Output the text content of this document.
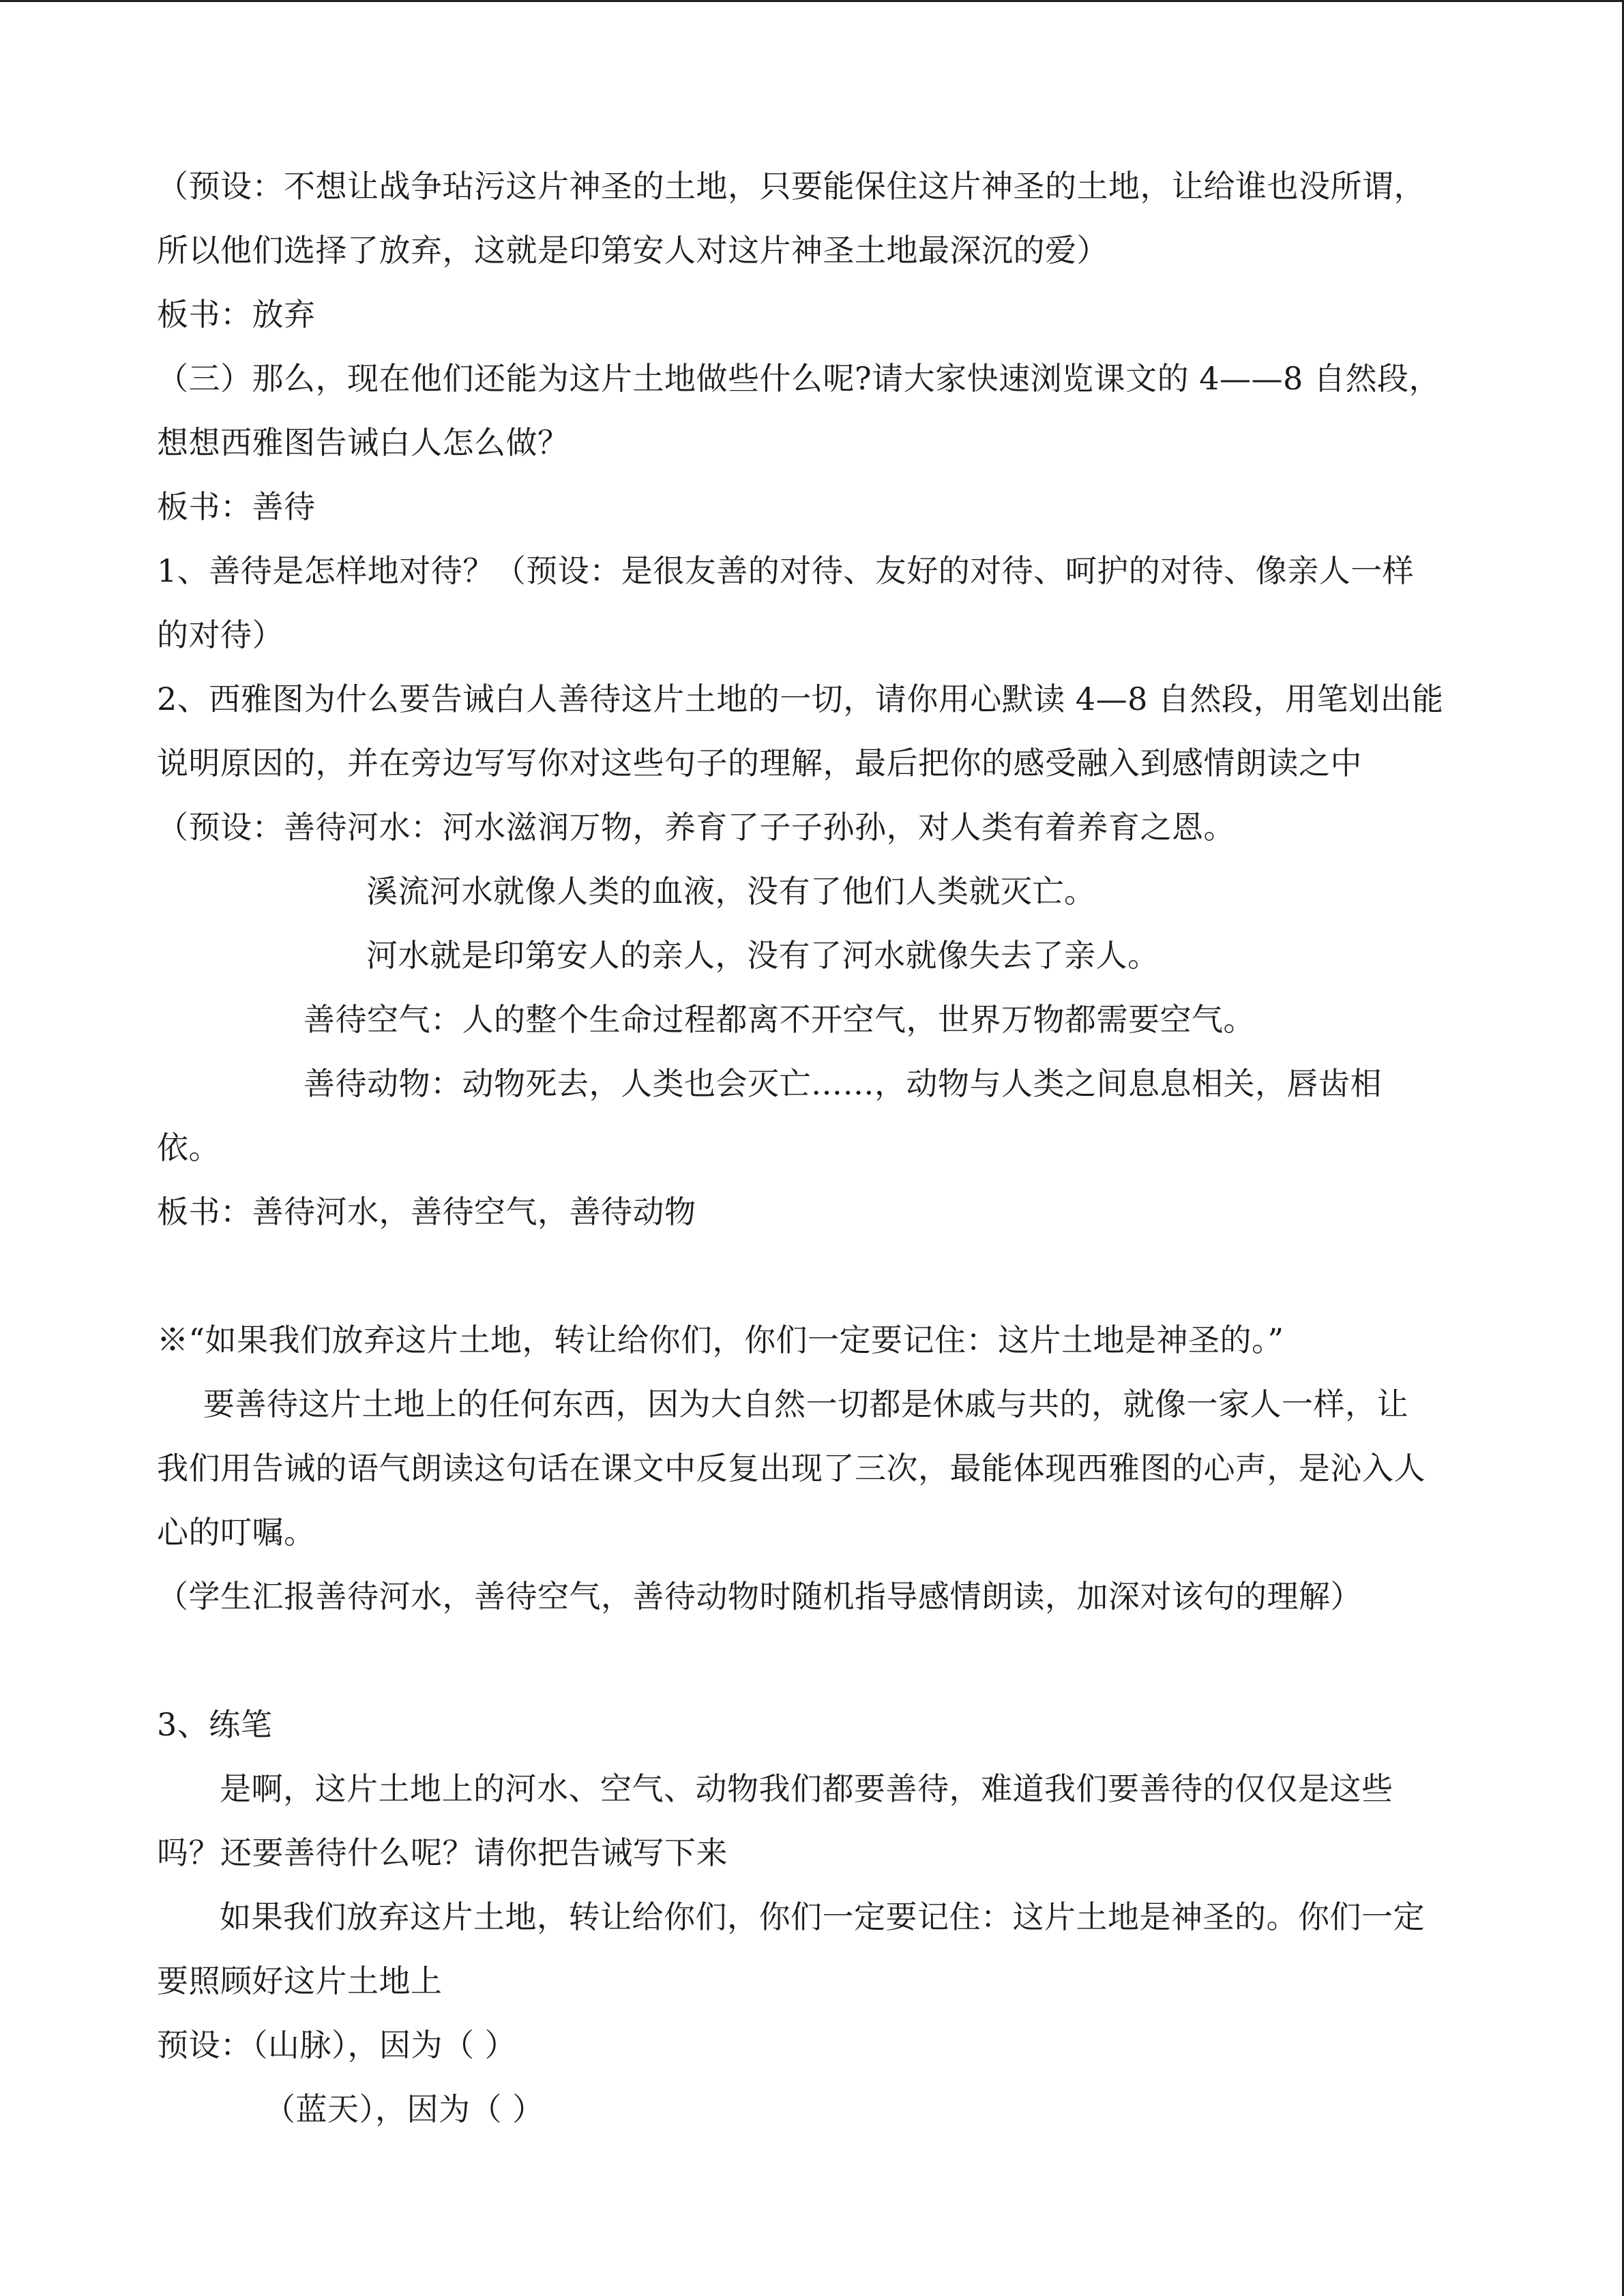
（预设：不想让战争玷污这片神圣的土地，只要能保住这片神圣的土地，让给谁也没所谓，
所以他们选择了放弃，这就是印第安人对这片神圣土地最深沉的爱）
板书：放弃
（三）那么，现在他们还能为这片土地做些什么呢?请大家快速浏览课文的 4——8 自然段，
想想西雅图告诫白人怎么做？
板书：善待
1、善待是怎样地对待？（预设：是很友善的对待、友好的对待、呵护的对待、像亲人一样
的对待）
2、西雅图为什么要告诫白人善待这片土地的一切，请你用心默读 4—8 自然段，用笔划出能
说明原因的，并在旁边写写你对这些句子的理解，最后把你的感受融入到感情朗读之中
（预设：善待河水：河水滋润万物，养育了子子孙孙，对人类有着养育之恩。
溪流河水就像人类的血液，没有了他们人类就灭亡。
河水就是印第安人的亲人，没有了河水就像失去了亲人。
善待空气：人的整个生命过程都离不开空气，世界万物都需要空气。
善待动物：动物死去，人类也会灭亡……，动物与人类之间息息相关，唇齿相
依。
板书：善待河水，善待空气，善待动物
※“如果我们放弃这片土地，转让给你们，你们一定要记住：这片土地是神圣的。”
要善待这片土地上的任何东西，因为大自然一切都是休戚与共的，就像一家人一样，让
我们用告诫的语气朗读这句话在课文中反复出现了三次，最能体现西雅图的心声，是沁入人
心的叮嘱。
（学生汇报善待河水，善待空气，善待动物时随机指导感情朗读，加深对该句的理解）
3、练笔
是啊，这片土地上的河水、空气、动物我们都要善待，难道我们要善待的仅仅是这些
吗？还要善待什么呢？请你把告诫写下来
如果我们放弃这片土地，转让给你们，你们一定要记住：这片土地是神圣的。你们一定
要照顾好这片土地上
预设：（山脉），因为（ ）
（蓝天），因为（ ）
